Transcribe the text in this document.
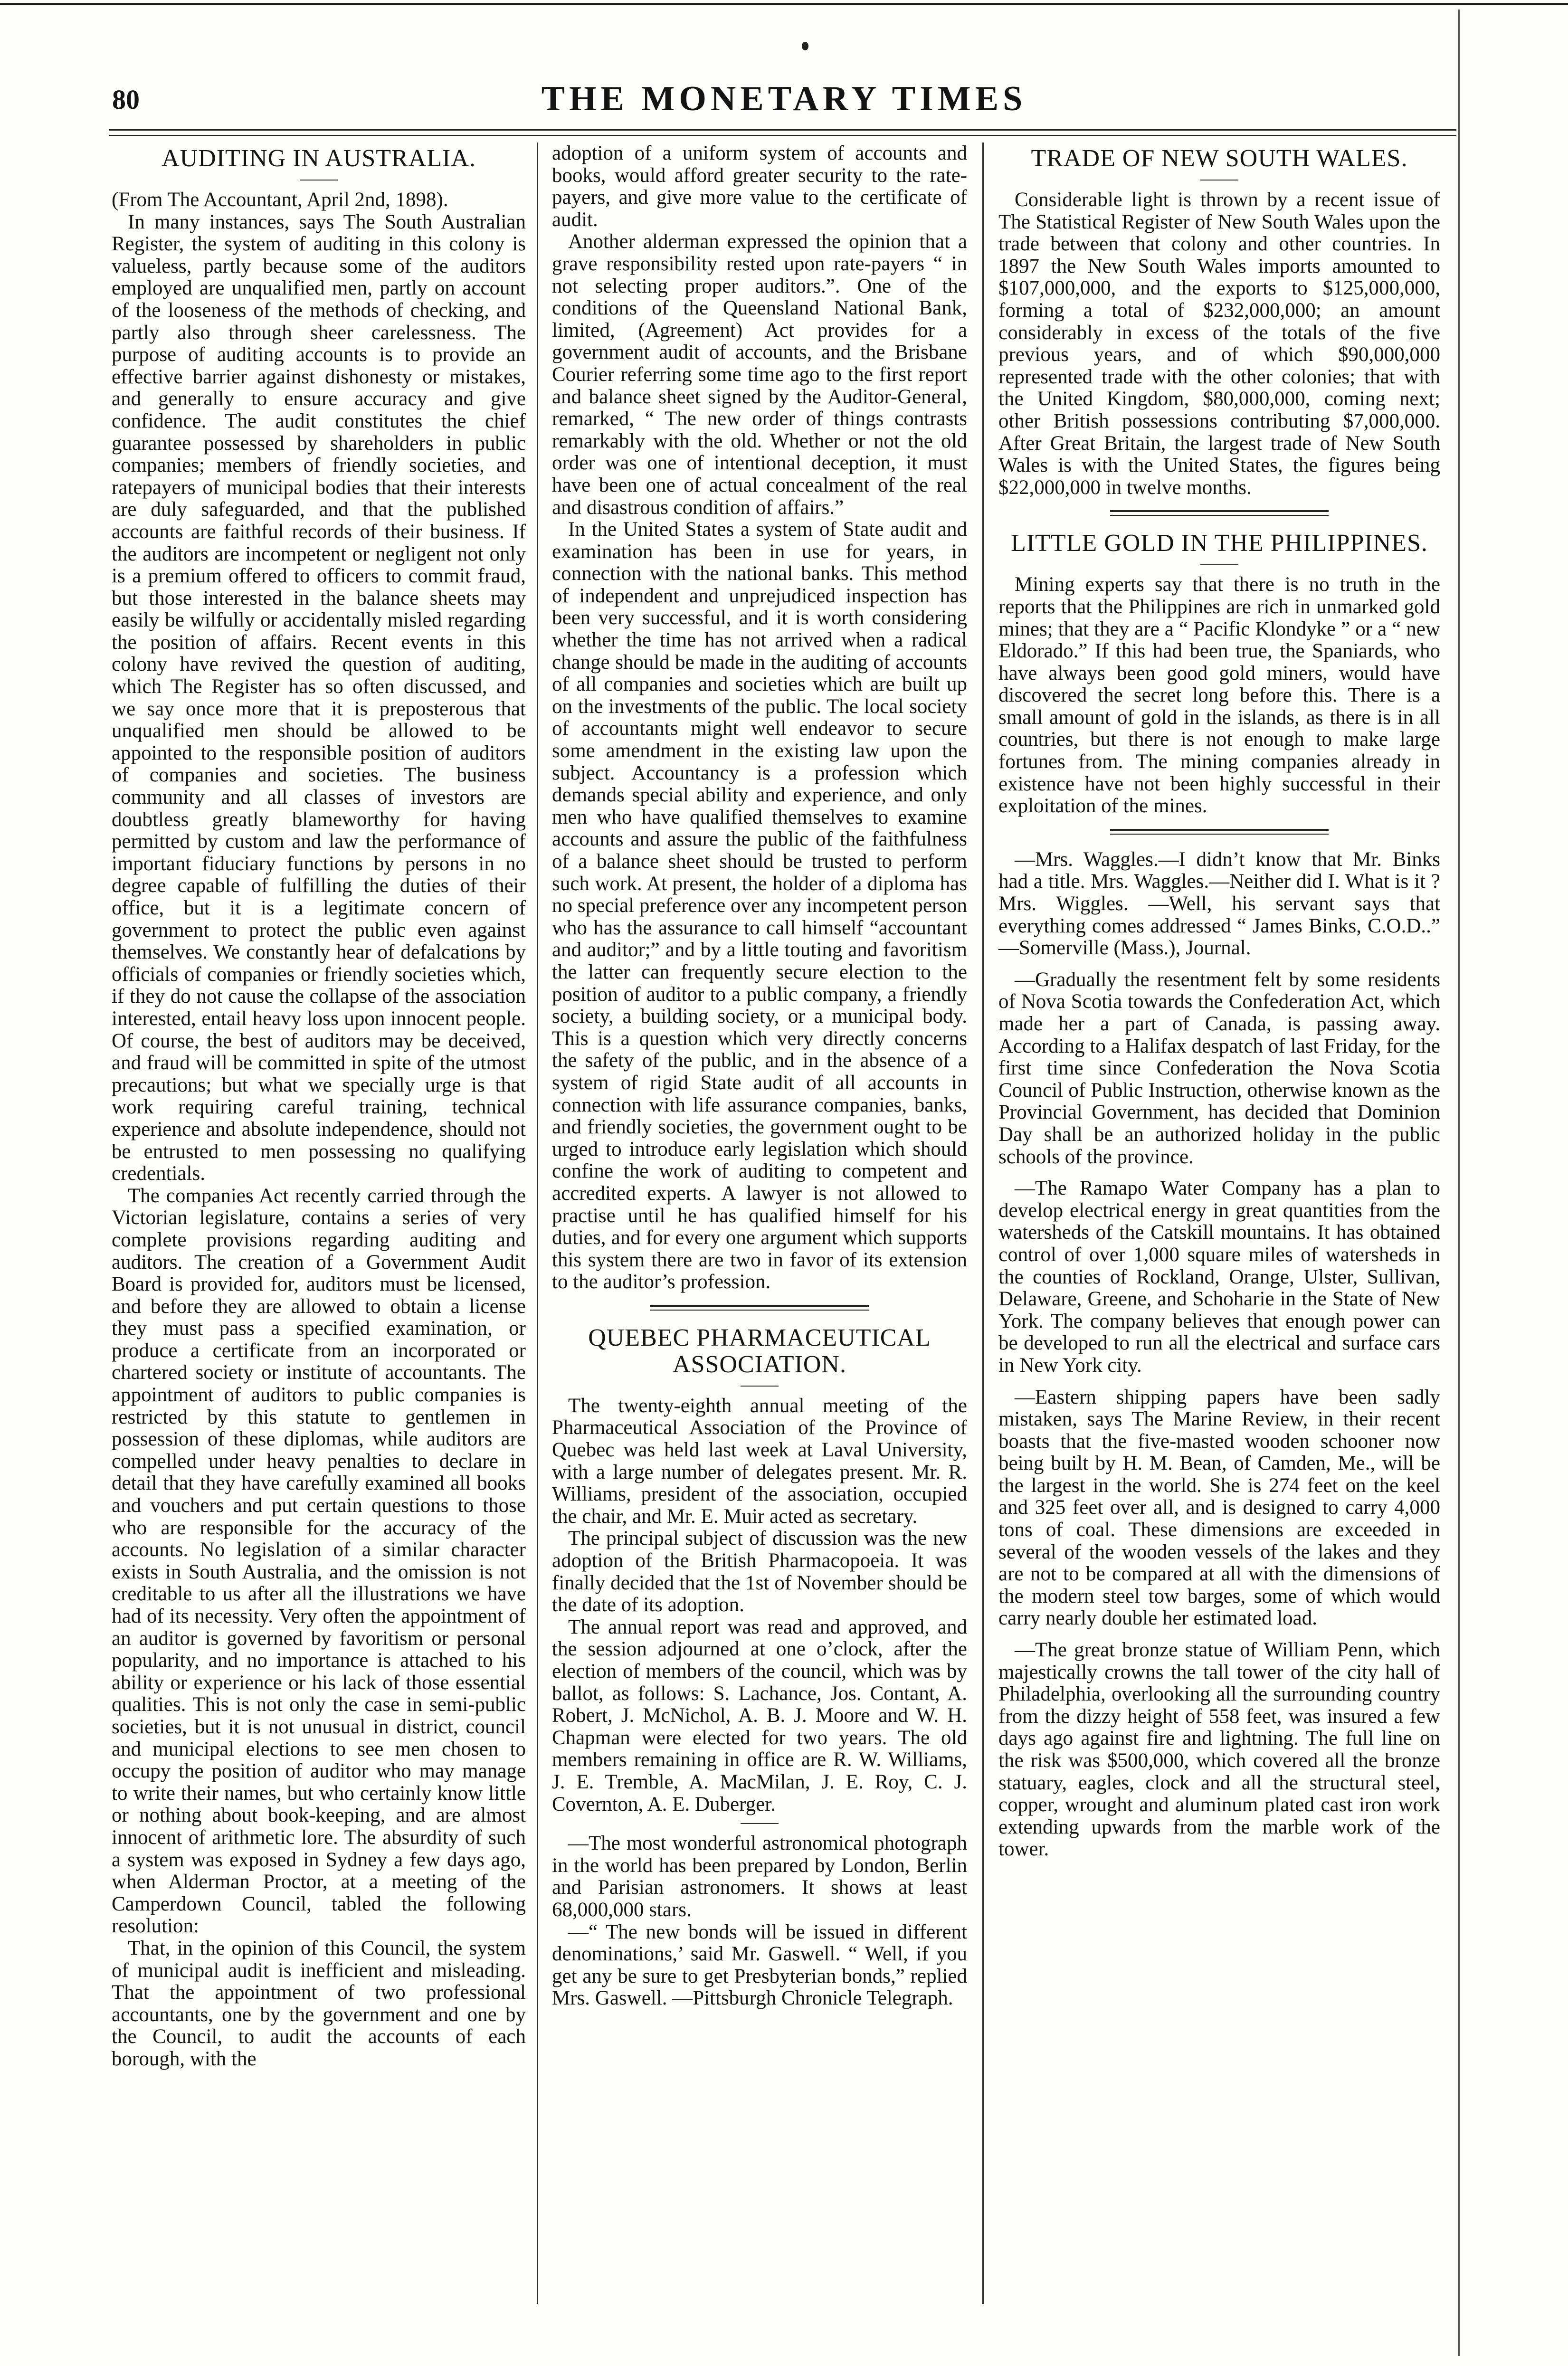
80	THE MONETARY TIMES
AUDITING IN AUSTRALIA.

(From The Accountant, April 2nd, 1898).

In many instances, says The South Australian Register, the system of auditing in this colony is valueless, partly because some of the auditors employed are unqualified men, partly on account of the looseness of the methods of checking, and partly also through sheer carelessness. The purpose of auditing accounts is to provide an effective barrier against dishonesty or mistakes, and generally to ensure accuracy and give confidence. The audit constitutes the chief guarantee possessed by shareholders in public companies; members of friendly societies, and ratepayers of municipal bodies that their interests are duly safeguarded, and that the published accounts are faithful records of their business. If the auditors are incompetent or negligent not only is a premium offered to officers to commit fraud, but those interested in the balance sheets may easily be wilfully or accidentally misled regarding the position of affairs. Recent events in this colony have revived the question of auditing, which The Register has so often discussed, and we say once more that it is preposterous that unqualified men should be allowed to be appointed to the responsible position of auditors of companies and societies. The business community and all classes of investors are doubtless greatly blameworthy for having permitted by custom and law the performance of important fiduciary functions by persons in no degree capable of fulfilling the duties of their office, but it is a legitimate concern of government to protect the public even against themselves. We constantly hear of defalcations by officials of companies or friendly societies which, if they do not cause the collapse of the association interested, entail heavy loss upon innocent people. Of course, the best of auditors may be deceived, and fraud will be committed in spite of the utmost precautions; but what we specially urge is that work requiring careful training, technical experience and absolute independence, should not be entrusted to men possessing no qualifying credentials.

The companies Act recently carried through the Victorian legislature, contains a series of very complete provisions regarding auditing and auditors. The creation of a Government Audit Board is provided for, auditors must be licensed, and before they are allowed to obtain a license they must pass a specified examination, or produce a certificate from an incorporated or chartered society or institute of accountants. The appointment of auditors to public companies is restricted by this statute to gentlemen in possession of these diplomas, while auditors are compelled under heavy penalties to declare in detail that they have carefully examined all books and vouchers and put certain questions to those who are responsible for the accuracy of the accounts. No legislation of a similar character exists in South Australia, and the omission is not creditable to us after all the illustrations we have had of its necessity. Very often the appointment of an auditor is governed by favoritism or personal popularity, and no importance is attached to his ability or experience or his lack of those essential qualities. This is not only the case in semi-public societies, but it is not unusual in district, council and municipal elections to see men chosen to occupy the position of auditor who may manage to write their names, but who certainly know little or nothing about book-keeping, and are almost innocent of arithmetic lore. The absurdity of such a system was exposed in Sydney a few days ago, when Alderman Proctor, at a meeting of the Camperdown Council, tabled the following resolution:

That, in the opinion of this Council, the system of municipal audit is inefficient and misleading. That the appointment of two professional accountants, one by the government and one by the Council, to audit the accounts of each borough, with the

adoption of a uniform system of accounts and books, would afford greater security to the rate-payers, and give more value to the certificate of audit.

Another alderman expressed the opinion that a grave responsibility rested upon rate-payers “ in not selecting proper auditors.”. One of the conditions of the Queensland National Bank, limited, (Agreement) Act provides for a government audit of accounts, and the Brisbane Courier referring some time ago to the first report and balance sheet signed by the Auditor-General, remarked, “ The new order of things contrasts remarkably with the old. Whether or not the old order was one of intentional deception, it must have been one of actual concealment of the real and disastrous condition of affairs.”

In the United States a system of State audit and examination has been in use for years, in connection with the national banks. This method of independent and unprejudiced inspection has been very successful, and it is worth considering whether the time has not arrived when a radical change should be made in the auditing of accounts of all companies and societies which are built up on the investments of the public. The local society of accountants might well endeavor to secure some amendment in the existing law upon the subject. Accountancy is a profession which demands special ability and experience, and only men who have qualified themselves to examine accounts and assure the public of the faithfulness of a balance sheet should be trusted to perform such work. At present, the holder of a diploma has no special preference over any incompetent person who has the assurance to call himself “accountant and auditor;” and by a little touting and favoritism the latter can frequently secure election to the position of auditor to a public company, a friendly society, a building society, or a municipal body. This is a question which very directly concerns the safety of the public, and in the absence of a system of rigid State audit of all accounts in connection with life assurance companies, banks, and friendly societies, the government ought to be urged to introduce early legislation which should confine the work of auditing to competent and accredited experts. A lawyer is not allowed to practise until he has qualified himself for his duties, and for every one argument which supports this system there are two in favor of its extension to the auditor’s profession.

QUEBEC PHARMACEUTICAL ASSOCIATION.

The twenty-eighth annual meeting of the Pharmaceutical Association of the Province of Quebec was held last week at Laval University, with a large number of delegates present. Mr. R. Williams, president of the association, occupied the chair, and Mr. E. Muir acted as secretary.

The principal subject of discussion was the new adoption of the British Pharmacopoeia. It was finally decided that the 1st of November should be the date of its adoption.

The annual report was read and approved, and the session adjourned at one o’clock, after the election of members of the council, which was by ballot, as follows: S. Lachance, Jos. Contant, A. Robert, J. McNichol, A. B. J. Moore and W. H. Chapman were elected for two years. The old members remaining in office are R. W. Williams, J. E. Tremble, A. MacMilan, J. E. Roy, C. J. Covernton, A. E. Duberger.

—The most wonderful astronomical photograph in the world has been prepared by London, Berlin and Parisian astronomers. It shows at least 68,000,000 stars.

—“ The new bonds will be issued in different denominations,’ said Mr. Gaswell. “ Well, if you get any be sure to get Presbyterian bonds,” replied Mrs. Gaswell. —Pittsburgh Chronicle Telegraph.

TRADE OF NEW SOUTH WALES.

Considerable light is thrown by a recent issue of The Statistical Register of New South Wales upon the trade between that colony and other countries. In 1897 the New South Wales imports amounted to $107,000,000, and the exports to $125,000,000, forming a total of $232,000,000; an amount considerably in excess of the totals of the five previous years, and of which $90,000,000 represented trade with the other colonies; that with the United Kingdom, $80,000,000, coming next; other British possessions contributing $7,000,000. After Great Britain, the largest trade of New South Wales is with the United States, the figures being $22,000,000 in twelve months.

LITTLE GOLD IN THE PHILIPPINES.

Mining experts say that there is no truth in the reports that the Philippines are rich in unmarked gold mines; that they are a “ Pacific Klondyke ” or a “ new Eldorado.” If this had been true, the Spaniards, who have always been good gold miners, would have discovered the secret long before this. There is a small amount of gold in the islands, as there is in all countries, but there is not enough to make large fortunes from. The mining companies already in existence have not been highly successful in their exploitation of the mines.

—Mrs. Waggles.—I didn’t know that Mr. Binks had a title. Mrs. Waggles.—Neither did I. What is it ? Mrs. Wiggles. —Well, his servant says that everything comes addressed “ James Binks, C.O.D..” —Somerville (Mass.), Journal.

—Gradually the resentment felt by some residents of Nova Scotia towards the Confederation Act, which made her a part of Canada, is passing away. According to a Halifax despatch of last Friday, for the first time since Confederation the Nova Scotia Council of Public Instruction, otherwise known as the Provincial Government, has decided that Dominion Day shall be an authorized holiday in the public schools of the province.

—The Ramapo Water Company has a plan to develop electrical energy in great quantities from the watersheds of the Catskill mountains. It has obtained control of over 1,000 square miles of watersheds in the counties of Rockland, Orange, Ulster, Sullivan, Delaware, Greene, and Schoharie in the State of New York. The company believes that enough power can be developed to run all the electrical and surface cars in New York city.

—Eastern shipping papers have been sadly mistaken, says The Marine Review, in their recent boasts that the five-masted wooden schooner now being built by H. M. Bean, of Camden, Me., will be the largest in the world. She is 274 feet on the keel and 325 feet over all, and is designed to carry 4,000 tons of coal. These dimensions are exceeded in several of the wooden vessels of the lakes and they are not to be compared at all with the dimensions of the modern steel tow barges, some of which would carry nearly double her estimated load.

—The great bronze statue of William Penn, which majestically crowns the tall tower of the city hall of Philadelphia, overlooking all the surrounding country from the dizzy height of 558 feet, was insured a few days ago against fire and lightning. The full line on the risk was $500,000, which covered all the bronze statuary, eagles, clock and all the structural steel, copper, wrought and aluminum plated cast iron work extending upwards from the marble work of the tower.
